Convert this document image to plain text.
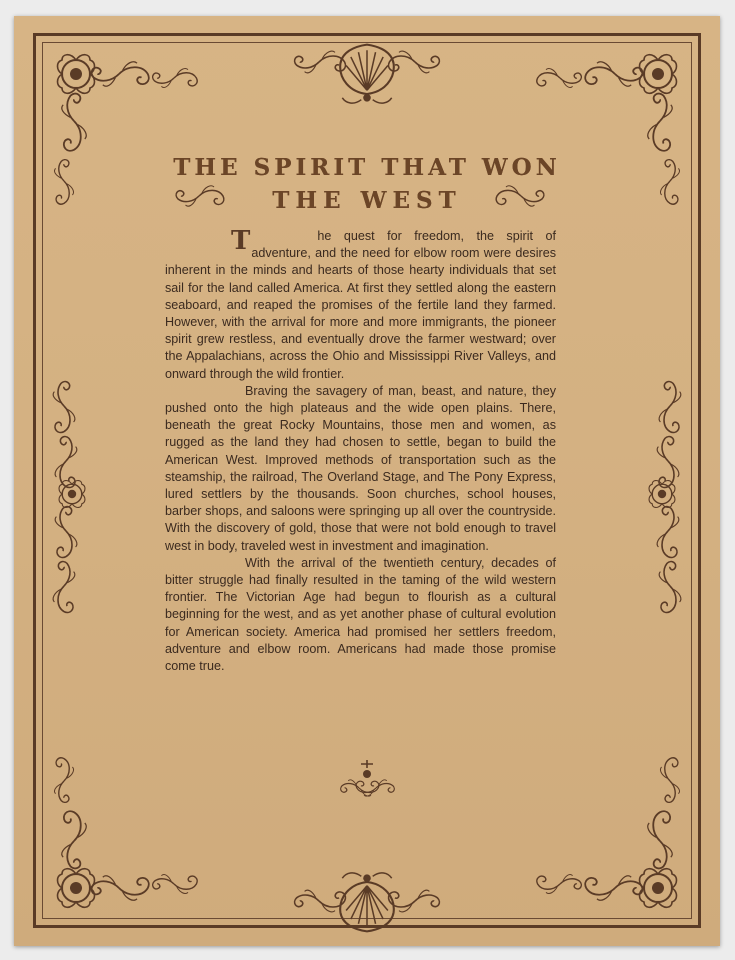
THE SPIRIT THAT WON
THE WEST

T	he quest for freedom, the spirit of adventure, and the need for elbow room were desires inherent in the minds and hearts of those hearty individuals that set sail for the land called America. At first they settled along the eastern seaboard, and reaped the promises of the fertile land they farmed. However, with the arrival for more and more immigrants, the pioneer spirit grew restless, and eventually drove the farmer westward; over the Appalachians, across the Ohio and Mississippi River Valleys, and onward through the wild frontier.

Braving the savagery of man, beast, and nature, they pushed onto the high plateaus and the wide open plains. There, beneath the great Rocky Mountains, those men and women, as rugged as the land they had chosen to settle, began to build the American West. Improved methods of transportation such as the steamship, the railroad, The Overland Stage, and The Pony Express, lured settlers by the thousands. Soon churches, school houses, barber shops, and saloons were springing up all over the countryside. With the discovery of gold, those that were not bold enough to travel west in body, traveled west in investment and imagination.

With the arrival of the twentieth century, decades of bitter struggle had finally resulted in the taming of the wild western frontier. The Victorian Age had begun to flourish as a cultural beginning for the west, and as yet another phase of cultural evolution for American society. America had promised her settlers freedom, adventure and elbow room. Americans had made those promise come true.
